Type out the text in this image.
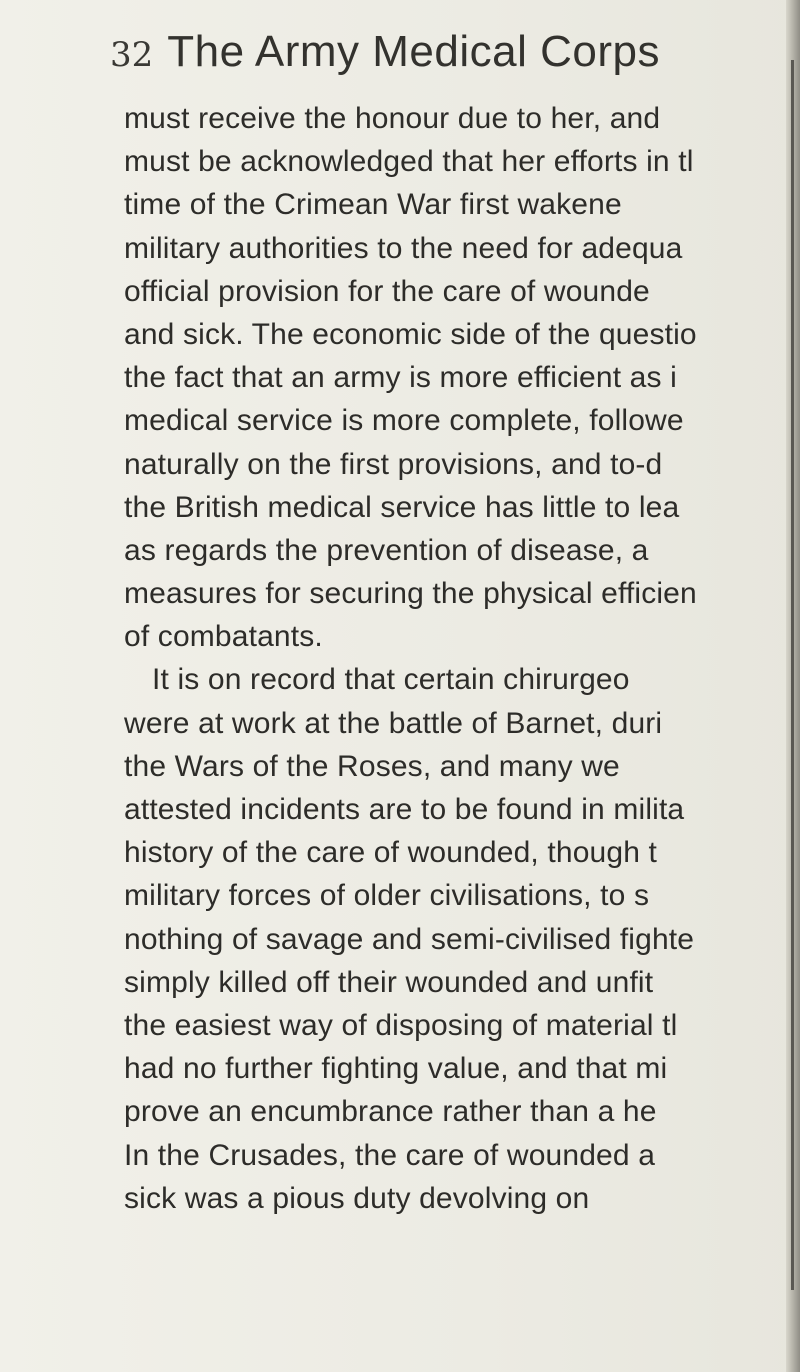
32 The Army Medical Corps
must receive the honour due to her, and
must be acknowledged that her efforts in tl
time of the Crimean War first wakene
military authorities to the need for adequa
official provision for the care of wounde
and sick. The economic side of the questio
the fact that an army is more efficient as i
medical service is more complete, followe
naturally on the first provisions, and to-d
the British medical service has little to lea
as regards the prevention of disease, a
measures for securing the physical efficien
of combatants.
It is on record that certain chirurgeo
were at work at the battle of Barnet, duri
the Wars of the Roses, and many we
attested incidents are to be found in milita
history of the care of wounded, though t
military forces of older civilisations, to s
nothing of savage and semi-civilised fighte
simply killed off their wounded and unfit
the easiest way of disposing of material tl
had no further fighting value, and that mi
prove an encumbrance rather than a he
In the Crusades, the care of wounded a
sick was a pious duty devolving on
